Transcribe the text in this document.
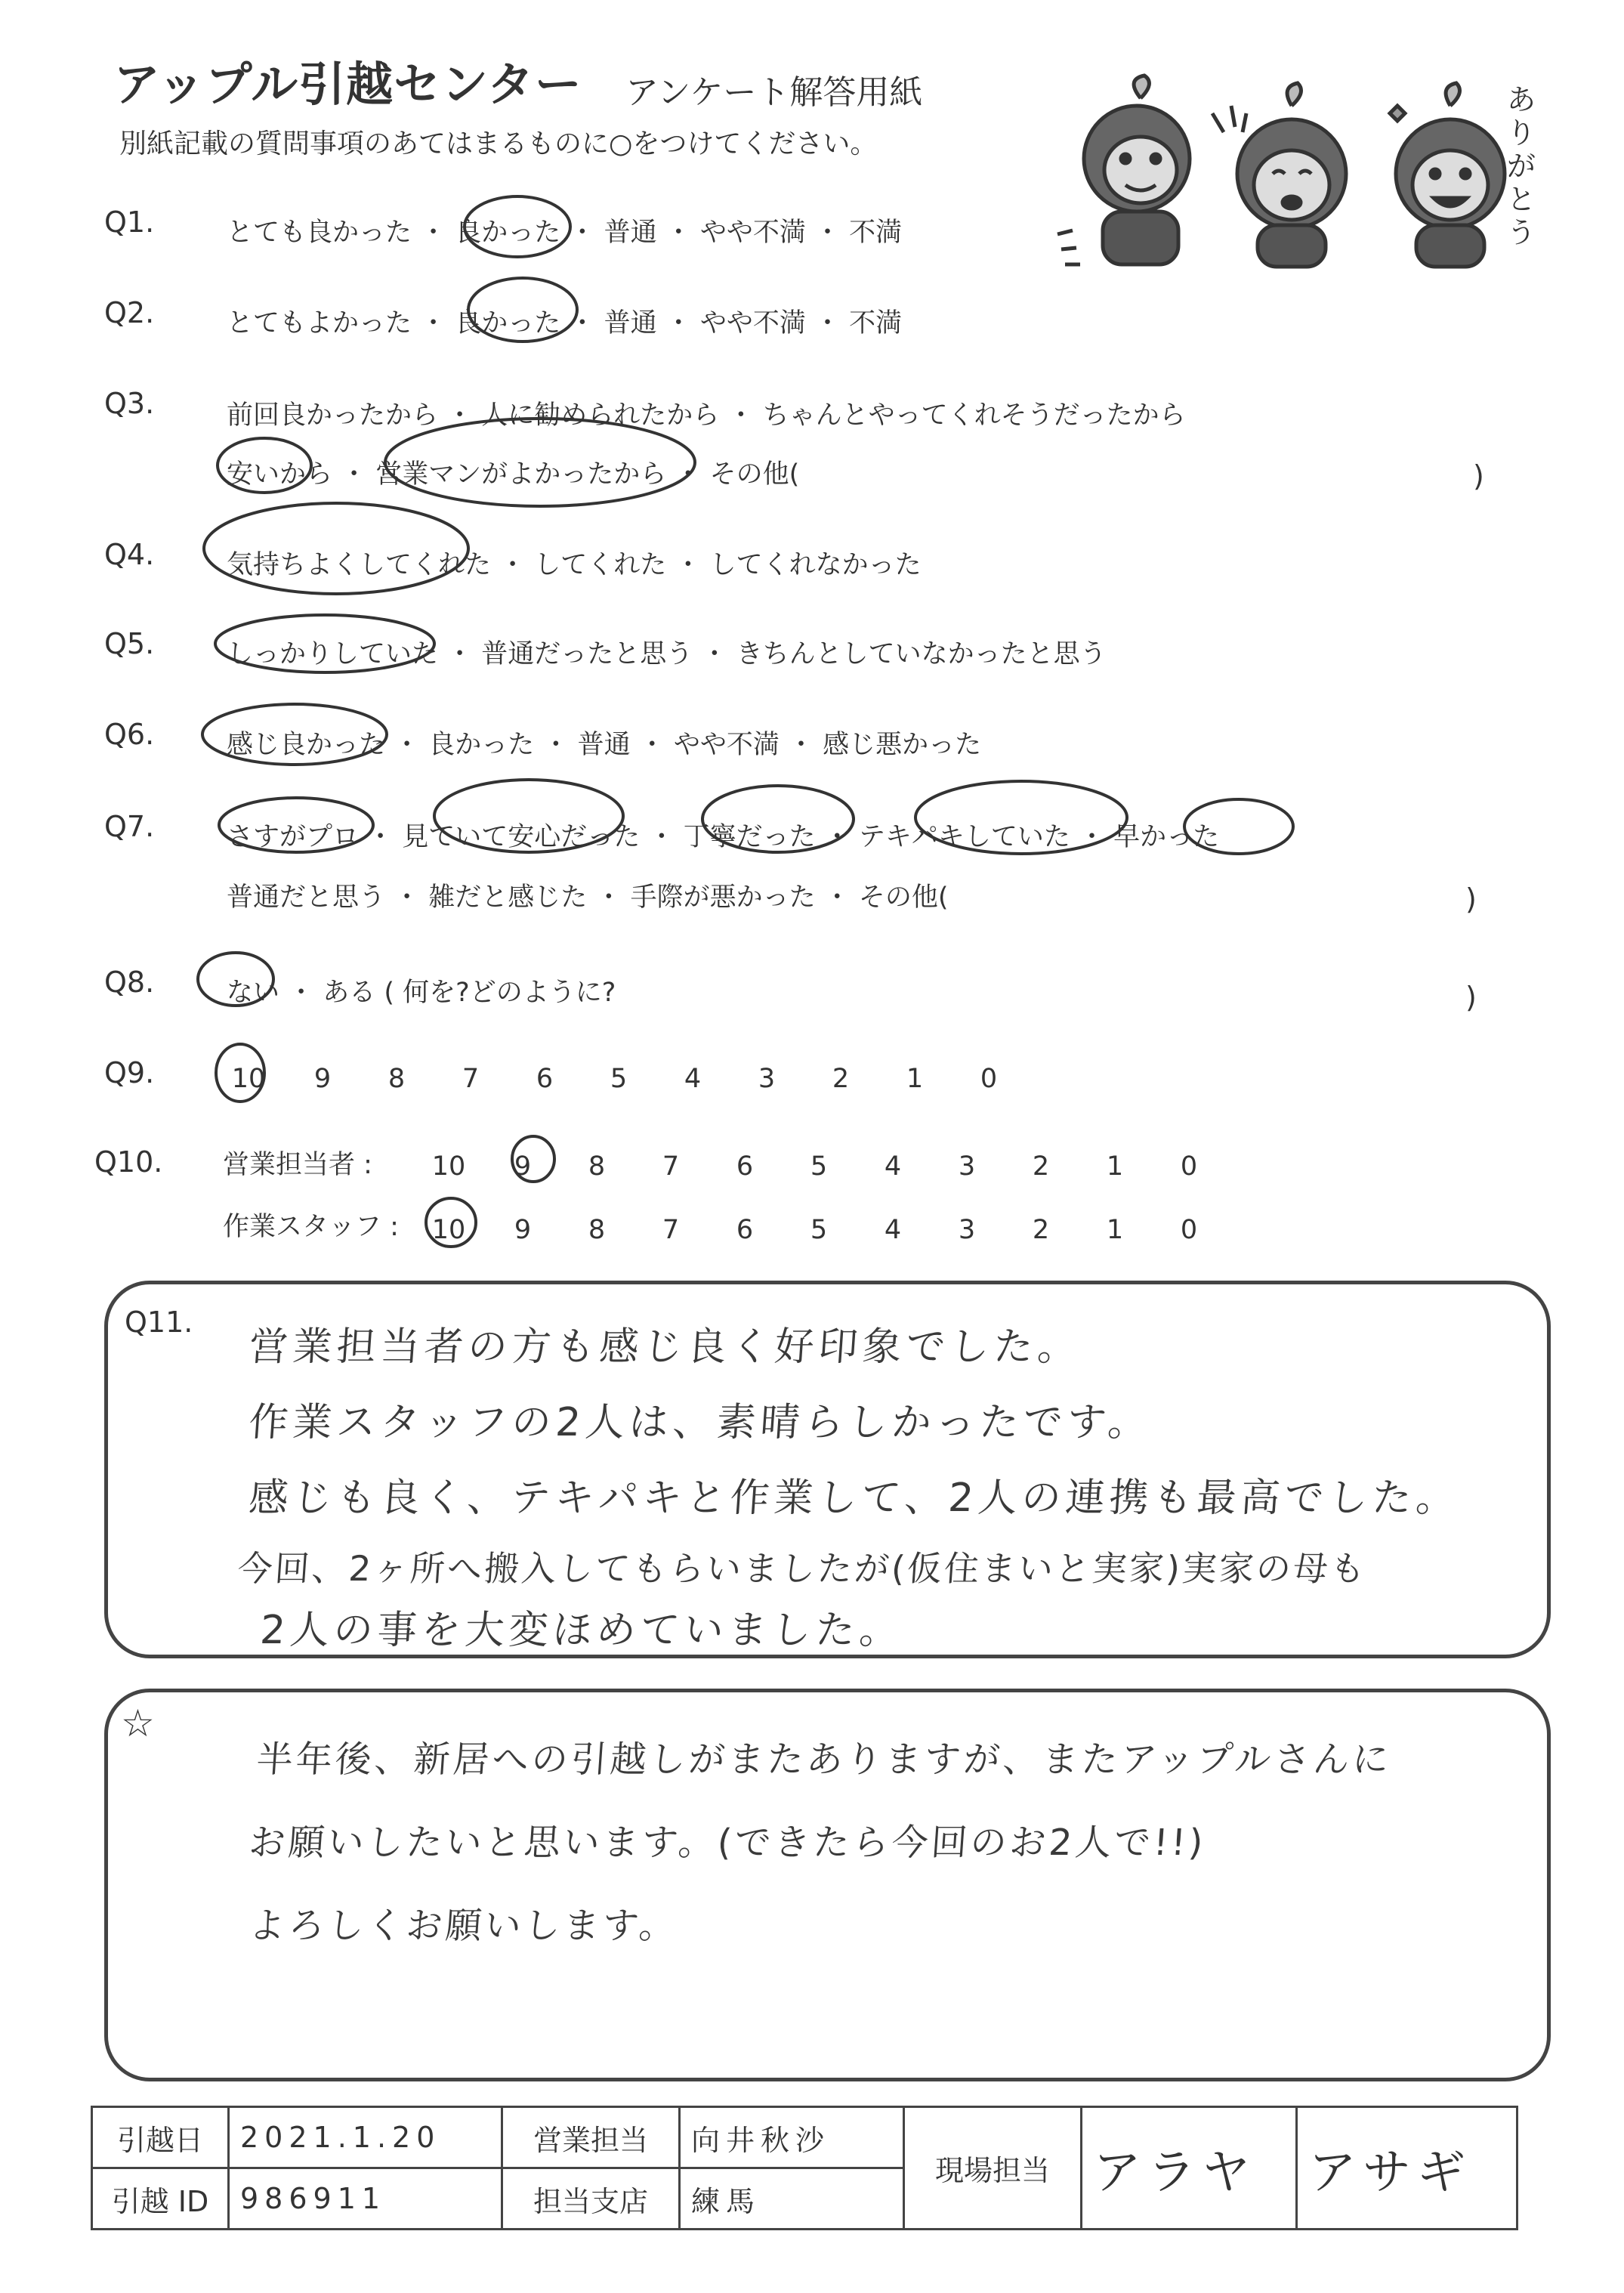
アップル引越センター アンケート解答用紙
別紙記載の質問事項のあてはまるものに○をつけてください。
ありがとう
Q1.	とても良かった ・ 良かった ・ 普通 ・ やや不満 ・ 不満
Q2.	とてもよかった ・ 良かった ・ 普通 ・ やや不満 ・ 不満
Q3.	前回良かったから ・ 人に勧められたから ・ ちゃんとやってくれそうだったから
安いから ・ 営業マンがよかったから ・ その他(	)
Q4.	気持ちよくしてくれた ・ してくれた ・ してくれなかった
Q5.	しっかりしていた ・ 普通だったと思う ・ きちんとしていなかったと思う
Q6.	感じ良かった ・ 良かった ・ 普通 ・ やや不満 ・ 感じ悪かった
Q7.	さすがプロ ・ 見ていて安心だった ・ 丁寧だった ・ テキパキしていた ・ 早かった
普通だと思う ・ 雑だと感じた ・ 手際が悪かった ・ その他(	)
Q8.	ない ・ ある ( 何を?どのように?	)
Q9.	10 9 8 7 6 5 4 3 2 1 0
Q10. 営業担当者 :	10 9 8 7 6 5 4 3 2 1 0
作業スタッフ :	10 9 8 7 6 5 4 3 2 1 0
Q11.
営業担当者の方も感じ良く好印象でした。
作業スタッフの2人は、素晴らしかったです。
感じも良く、テキパキと作業して、2人の連携も最高でした。
今回、2ヶ所へ搬入してもらいましたが(仮住まいと実家)実家の母も
2人の事を大変ほめていました。
☆
半年後、新居への引越しがまたありますが、またアップルさんに
お願いしたいと思います。(できたら今回のお2人で!!)
よろしくお願いします。
引越日	2021.1.20	営業担当	向井秋沙	現場担当	アラヤ	アサギ
引越 ID	986911	担当支店	練馬			
